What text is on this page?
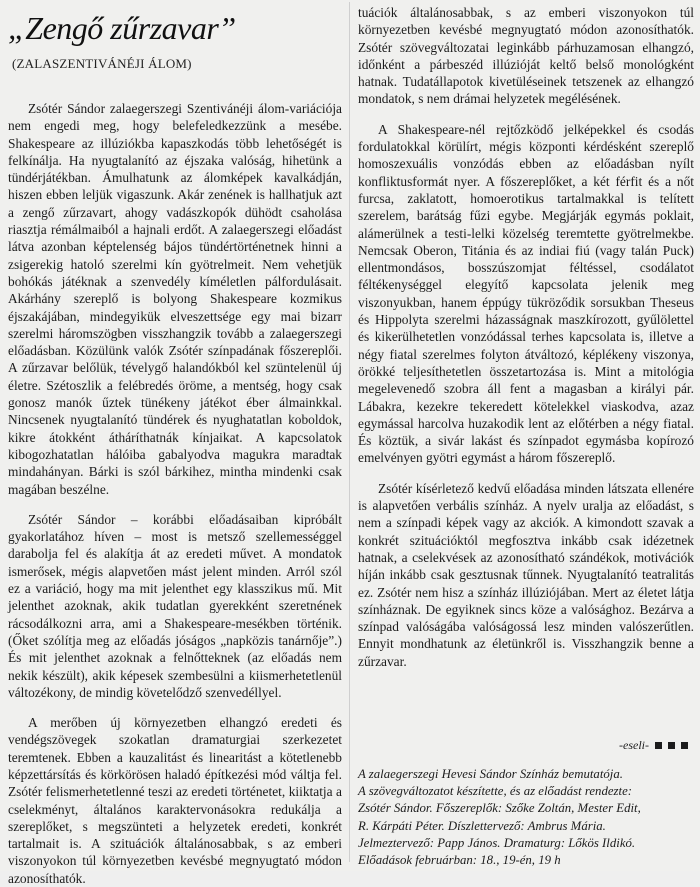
„Zengő zűrzavar”
(ZALASZENTIVÁNÉJI ÁLOM)

Zsótér Sándor zalaegerszegi Szentivánéji álom-variációja nem engedi meg, hogy belefeledkezzünk a mesébe. Shakespeare az illúziókba kapaszkodás több lehetőségét is felkínálja. Ha nyugtalanító az éjszaka valóság, hihetünk a tündérjátékban. Ámulhatunk az álomképek kavalkádján, hiszen ebben leljük vigaszunk. Akár zenének is hallhatjuk azt a zengő zűrzavart, ahogy vadászkopók dühödt csaholása riasztja rémálmaiból a hajnali erdőt. A zalaegerszegi előadást látva azonban képtelenség bájos tündértörténetnek hinni a zsigerekig hatoló szerelmi kín gyötrelmeit. Nem vehetjük bohókás játéknak a szenvedély kíméletlen pálfordulásait. Akárhány szereplő is bolyong Shakespeare kozmikus éjszakájában, mindegyikük elveszettsége egy mai bizarr szerelmi háromszögben visszhangzik tovább a zalaegerszegi előadásban. Közülünk valók Zsótér színpadának főszereplői. A zűrzavar belőlük, tévelygő halandókból kel szüntelenül új életre. Szétoszlik a felébredés öröme, a mentség, hogy csak gonosz manók űztek tünékeny játékot éber álmainkkal. Nincsenek nyugtalanító tündérek és nyughatatlan koboldok, kikre átokként átháríthatnák kínjaikat. A kapcsolatok kibogozhatatlan hálóiba gabalyodva magukra maradtak mindahányan. Bárki is szól bárkihez, mintha mindenki csak magában beszélne.

Zsótér Sándor – korábbi előadásaiban kipróbált gyakorlatához híven – most is metsző szellemességgel darabolja fel és alakítja át az eredeti művet. A mondatok ismerősek, mégis alapvetően mást jelent minden. Arról szól ez a variáció, hogy ma mit jelenthet egy klasszikus mű. Mit jelenthet azoknak, akik tudatlan gyerekként szeretnének rácsodálkozni arra, ami a Shakespeare-mesékben történik. (Őket szólítja meg az előadás jóságos „napközis tanárnője”.) És mit jelenthet azoknak a felnőtteknek (az előadás nem nekik készült), akik képesek szembesülni a kiismerhetetlenül változékony, de mindig követelődző szenvedéllyel.

A merőben új környezetben elhangzó eredeti és vendégszövegek szokatlan dramaturgiai szerkezetet teremtenek. Ebben a kauzalitást és linearitást a kötetlenebb képzettársítás és körkörösen haladó építkezési mód váltja fel. Zsótér felismerhetetlenné teszi az eredeti történetet, kiiktatja a cselekményt, általános karaktervonásokra redukálja a szereplőket, s megszünteti a helyzetek eredeti, konkrét tartalmait is. A szituációk általánosabbak, s az emberi viszonyokon túl környezetben kevésbé megnyugtató módon azonosíthatók.

tuációk általánosabbak, s az emberi viszonyokon túl környezetben kevésbé megnyugtató módon azonosíthatók. Zsótér szövegváltozatai leginkább párhuzamosan elhangzó, időnként a párbeszéd illúzióját keltő belső monológként hatnak. Tudatállapotok kivetüléseinek tetszenek az elhangzó mondatok, s nem drámai helyzetek megélésének.

A Shakespeare-nél rejtőzködő jelképekkel és csodás fordulatokkal körülírt, mégis központi kérdésként szereplő homoszexuális vonzódás ebben az előadásban nyílt konfliktusformát nyer. A főszereplőket, a két férfit és a nőt furcsa, zaklatott, homoerotikus tartalmakkal is telített szerelem, barátság fűzi egybe. Megjárják egymás poklait, alámerülnek a testi-lelki közelség teremtette gyötrelmekbe. Nemcsak Oberon, Titánia és az indiai fiú (vagy talán Puck) ellentmondásos, bosszúszomjat féltéssel, csodálatot féltékenységgel elegyítő kapcsolata jelenik meg viszonyukban, hanem éppúgy tükröződik sorsukban Theseus és Hippolyta szerelmi házasságnak maszkírozott, gyűlölettel és kikerülhetetlen vonzódással terhes kapcsolata is, illetve a négy fiatal szerelmes folyton átváltozó, képlékeny viszonya, örökké teljesíthetetlen összetartozása is. Mint a mitológia megelevenedő szobra áll fent a magasban a királyi pár. Lábakra, kezekre tekeredett kötelekkel viaskodva, azaz egymással harcolva huzakodik lent az előtérben a négy fiatal. És köztük, a sivár lakást és színpadot egymásba kopírozó emelvényen gyötri egymást a három főszereplő.

Zsótér kísérletező kedvű előadása minden látszata ellenére is alapvetően verbális színház. A nyelv uralja az előadást, s nem a színpadi képek vagy az akciók. A kimondott szavak a konkrét szituációktól megfosztva inkább csak idézetnek hatnak, a cselekvések az azonosítható szándékok, motivációk híján inkább csak gesztusnak tűnnek. Nyugtalanító teatralitás ez. Zsótér nem hisz a színház illúziójában. Mert az életet látja színháznak. De egyiknek sincs köze a valósághoz. Bezárva a színpad valóságába valóságossá lesz minden valószerűtlen. Ennyit mondhatunk az életünkről is. Visszhangzik benne a zűrzavar.

-eseli-
A zalaegerszegi Hevesi Sándor Színház bemutatója.
A szövegváltozatot készítette, és az előadást rendezte:
Zsótér Sándor. Főszereplők: Szőke Zoltán, Mester Edit,
R. Kárpáti Péter. Díszlettervező: Ambrus Mária.
Jelmeztervező: Papp János. Dramaturg: Lőkös Ildikó.
Előadások februárban: 18., 19-én, 19 h
